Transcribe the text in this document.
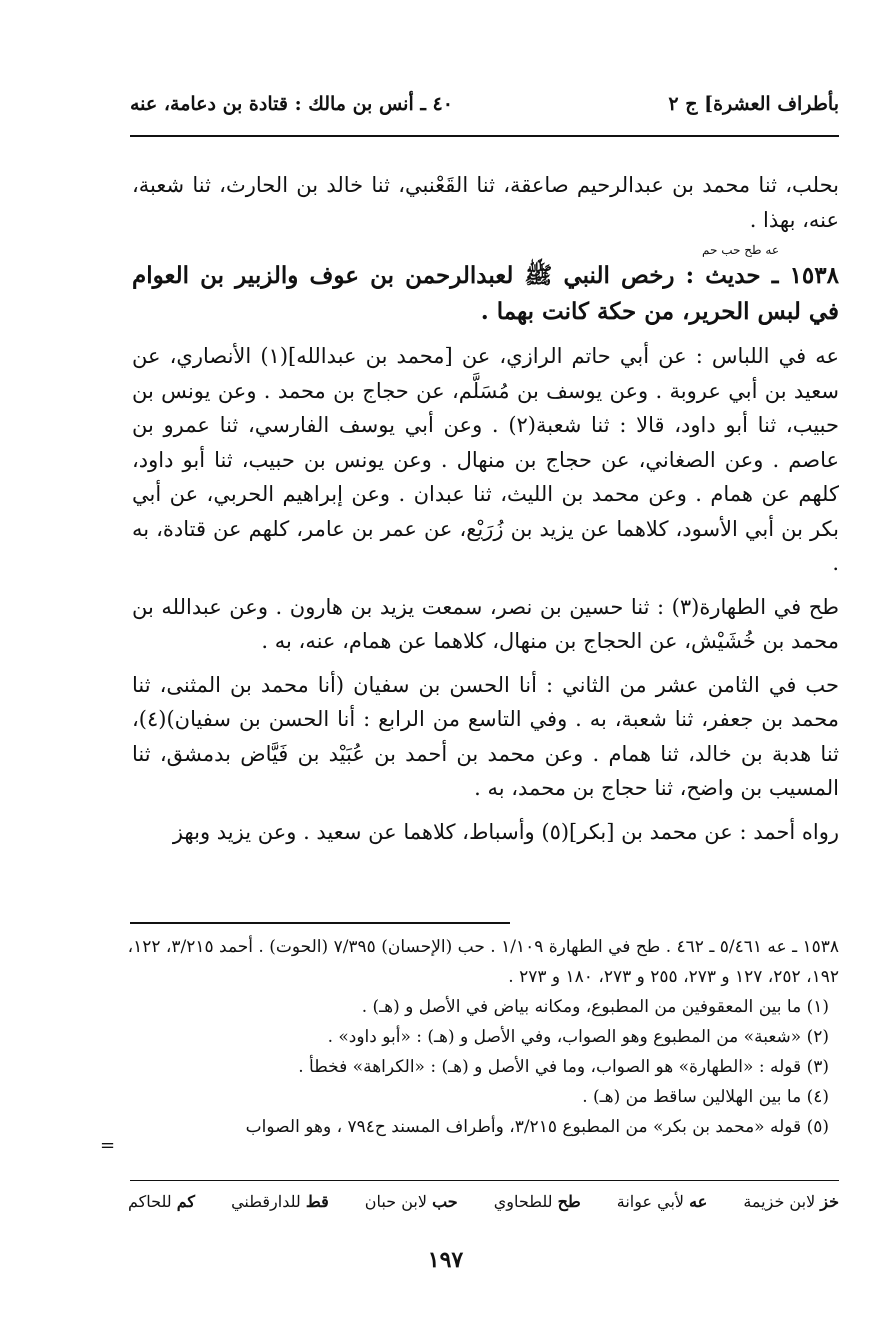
بأطراف العشرة] ج ٢
٤٠ ـ أنس بن مالك : قتادة بن دعامة، عنه

بحلب، ثنا محمد بن عبدالرحيم صاعقة، ثنا القَعْنبي، ثنا خالد بن الحارث، ثنا شعبة، عنه، بهذا .

عه طح حب حم
١٥٣٨ ـ حديث : رخص النبي ﷺ لعبدالرحمن بن عوف والزبير بن العوام في لبس الحرير، من حكة كانت بهما .

عه في اللباس : عن أبي حاتم الرازي، عن [محمد بن عبدالله](١) الأنصاري، عن سعيد بن أبي عروبة . وعن يوسف بن مُسَلَّم، عن حجاج بن محمد . وعن يونس بن حبيب، ثنا أبو داود، قالا : ثنا شعبة(٢) . وعن أبي يوسف الفارسي، ثنا عمرو بن عاصم . وعن الصغاني، عن حجاج بن منهال . وعن يونس بن حبيب، ثنا أبو داود، كلهم عن همام . وعن محمد بن الليث، ثنا عبدان . وعن إبراهيم الحربي، عن أبي بكر بن أبي الأسود، كلاهما عن يزيد بن زُرَيْع، عن عمر بن عامر، كلهم عن قتادة، به .

طح في الطهارة(٣) : ثنا حسين بن نصر، سمعت يزيد بن هارون . وعن عبدالله بن محمد بن خُشَيْش، عن الحجاج بن منهال، كلاهما عن همام، عنه، به .

حب في الثامن عشر من الثاني : أنا الحسن بن سفيان (أنا محمد بن المثنى، ثنا محمد بن جعفر، ثنا شعبة، به . وفي التاسع من الرابع : أنا الحسن بن سفيان)(٤)، ثنا هدبة بن خالد، ثنا همام . وعن محمد بن أحمد بن عُبَيْد بن فَيَّاض بدمشق، ثنا المسيب بن واضح، ثنا حجاج بن محمد، به .

رواه أحمد : عن محمد بن [بكر](٥) وأسباط، كلاهما عن سعيد . وعن يزيد وبهز

١٥٣٨ ـ عه ٥/٤٦١ ـ ٤٦٢ . طح في الطهارة ١/١٠٩ . حب (الإحسان) ٧/٣٩٥ (الحوت) . أحمد ٣/٢١٥، ١٢٢، ١٩٢، ٢٥٢، ١٢٧ و ٢٧٣، ٢٥٥ و ٢٧٣، ١٨٠ و ٢٧٣ .

(١) ما بين المعقوفين من المطبوع، ومكانه بياض في الأصل و (هـ) .

(٢) «شعبة» من المطبوع وهو الصواب، وفي الأصل و (هـ) : «أبو داود» .

(٣) قوله : «الطهارة» هو الصواب، وما في الأصل و (هـ) : «الكراهة» فخطأ .

(٤) ما بين الهلالين ساقط من (هـ) .

(٥) قوله «محمد بن بكر» من المطبوع ٣/٢١٥، وأطراف المسند ح٧٩٤ ، وهو الصواب

=
خز لابن خزيمة
عه لأبي عوانة
طح للطحاوي
حب لابن حبان
قط للدارقطني
كم للحاكم
١٩٧
